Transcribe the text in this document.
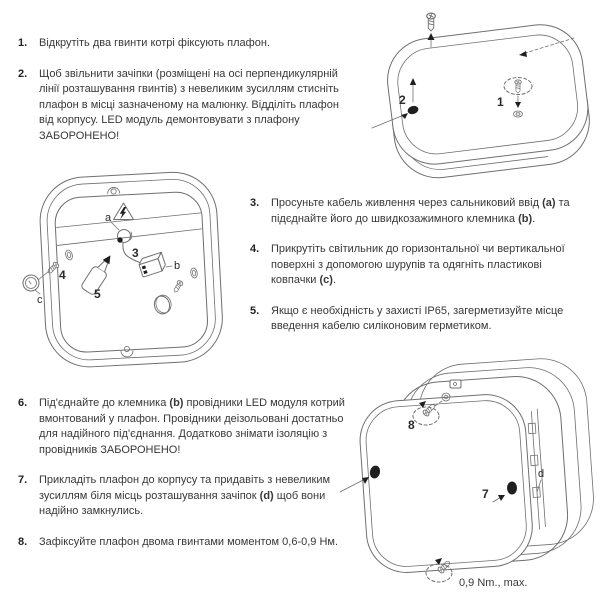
1.	Відкрутіть два гвинти котрі фіксують плафон.
2.	Щоб звільнити зачіпки (розміщені на осі перпендикулярній лінії розташування гвинтів) з невеликим зусиллям стисніть плафон в місці зазначеному на малюнку. Відділіть плафон від корпусу. LED модуль демонтовувати з плафону ЗАБОРОНЕНО!
3.	Просуньте кабель живлення через сальниковий ввід (a) та підєднайте його до швидкозажимного клемника (b).
4.	Прикрутіть світильник до горизонтальної чи вертикальної поверхні з допомогою шурупів та одягніть пластикові ковпачки (c).
5.	Якщо є необхідність у захисті IP65, загерметизуйте місце введення кабелю силіконовим герметиком.
6.	Під'єднайте до клемника (b) провідники LED модуля котрий вмонтований у плафон. Провідники деізольовані достатньо для надійного під'єднання. Додатково знімати ізоляцію з провідників ЗАБОРОНЕНО!
7.	Прикладіть плафон до корпусу та придавіть з невеликим зусиллям біля місць розташування зачіпок (d) щоб вони надійно замкнулись.
8.	Зафіксуйте плафон двома гвинтами моментом 0,6-0,9 Нм.
2	1
a
3
b
4
c	5
8
7
d
0,9 Nm., max.
